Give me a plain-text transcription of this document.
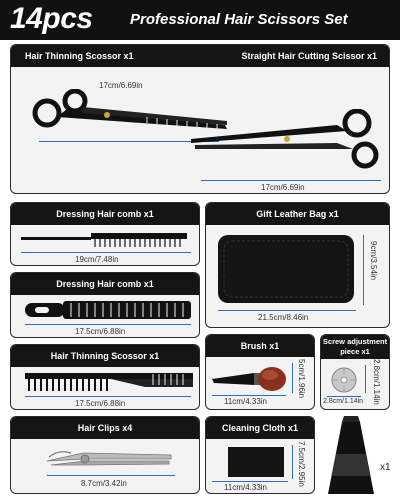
14pcs Professional Hair Scissors Set
Hair Thinning Scossor x1	Straight Hair Cutting Scissor x1
17cm/6.69in
17cm/6.69in
Dressing Hair comb x1
19cm/7.48in
Gift Leather Bag x1
21.5cm/8.46in
9cm/3.54in
Dressing Hair comb x1
17.5cm/6.88in
Hair Thinning Scossor x1
17.5cm/6.88in
Brush x1
5cm/1.96in
11cm/4.33in
Screw adjustment piece x1
2.8cm/1.14in
2.8cm/1.14in
Hair Clips x4
8.7cm/3.42in
Cleaning Cloth x1
7.5cm/2.95in
11cm/4.33in
x1
